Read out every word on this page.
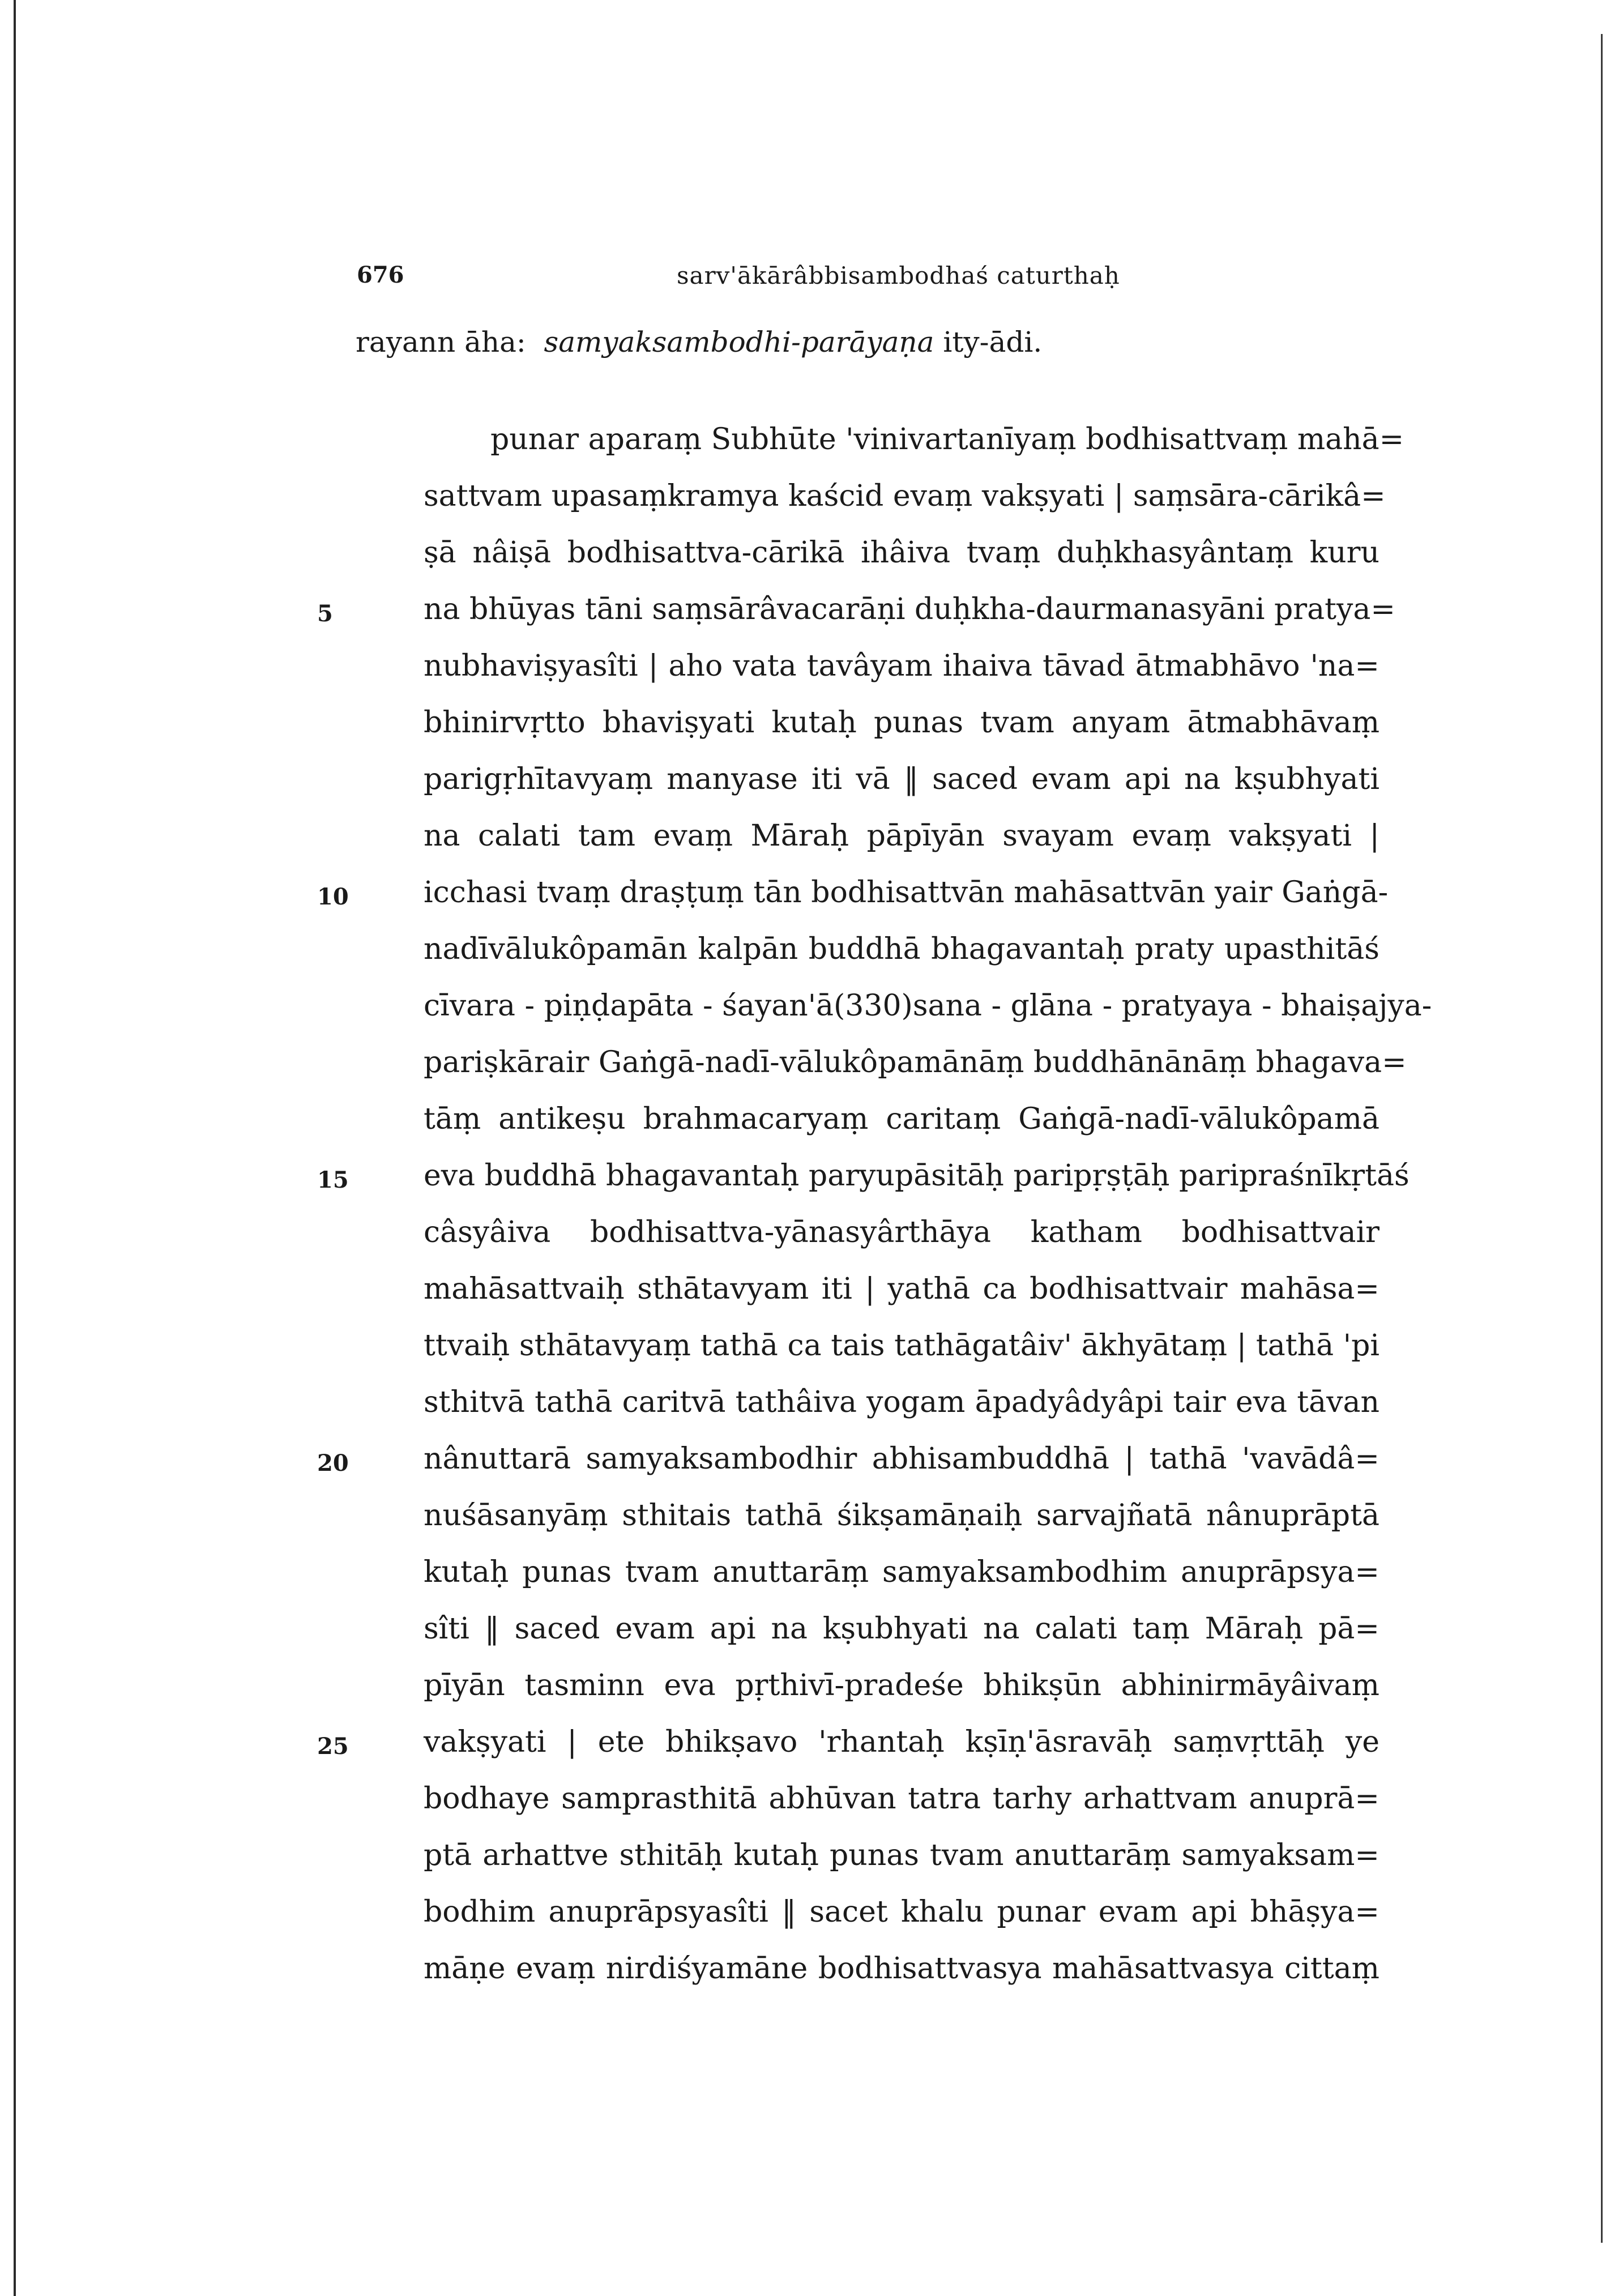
676	sarv'ākārâbbisambodhaś caturthaḥ
rayann āha:  samyaksambodhi-parāyaṇa ity-ādi.
punar aparaṃ Subhūte 'vinivartanīyaṃ bodhisattvaṃ mahā=
sattvam upasaṃkramya kaścid evaṃ vakṣyati | saṃsāra-cārikâ=
ṣā nâiṣā bodhisattva-cārikā ihâiva tvaṃ duḥkhasyântaṃ kuru
na bhūyas tāni saṃsārâvacarāṇi duḥkha-daurmanasyāni pratya=
nubhaviṣyasîti | aho vata tavâyam ihaiva tāvad ātmabhāvo 'na=
bhinirvṛtto bhaviṣyati kutaḥ punas tvam anyam ātmabhāvaṃ
parigṛhītavyaṃ manyase iti vā ‖ saced evam api na kṣubhyati
na calati tam evaṃ Māraḥ pāpīyān svayam evaṃ vakṣyati |
icchasi tvaṃ draṣṭuṃ tān bodhisattvān mahāsattvān yair Gaṅgā-
nadīvālukôpamān kalpān buddhā bhagavantaḥ praty upasthitāś
cīvara - piṇḍapāta - śayan'ā(330)sana - glāna - pratyaya - bhaiṣajya-
pariṣkārair Gaṅgā-nadī-vālukôpamānāṃ buddhānānāṃ bhagava=
tāṃ antikeṣu brahmacaryaṃ caritaṃ Gaṅgā-nadī-vālukôpamā
eva buddhā bhagavantaḥ paryupāsitāḥ paripṛṣṭāḥ paripraśnīkṛtāś
câsyâiva bodhisattva-yānasyârthāya katham bodhisattvair
mahāsattvaiḥ sthātavyam iti | yathā ca bodhisattvair mahāsa=
ttvaiḥ sthātavyaṃ tathā ca tais tathāgatâiv' ākhyātaṃ | tathā 'pi
sthitvā tathā caritvā tathâiva yogam āpadyâdyâpi tair eva tāvan
nânuttarā samyaksambodhir abhisambuddhā | tathā 'vavādâ=
nuśāsanyāṃ sthitais tathā śikṣamāṇaiḥ sarvajñatā nânuprāptā
kutaḥ punas tvam anuttarāṃ samyaksambodhim anuprāpsya=
sîti ‖ saced evam api na kṣubhyati na calati taṃ Māraḥ pā=
pīyān tasminn eva pṛthivī-pradeśe bhikṣūn abhinirmāyâivaṃ
vakṣyati | ete bhikṣavo 'rhantaḥ kṣīṇ'āsravāḥ saṃvṛttāḥ ye
bodhaye samprasthitā abhūvan tatra tarhy arhattvam anuprā=
ptā arhattve sthitāḥ kutaḥ punas tvam anuttarāṃ samyaksam=
bodhim anuprāpsyasîti ‖ sacet khalu punar evam api bhāṣya=
māṇe evaṃ nirdiśyamāne bodhisattvasya mahāsattvasya cittaṃ
5
10
15
20
25
